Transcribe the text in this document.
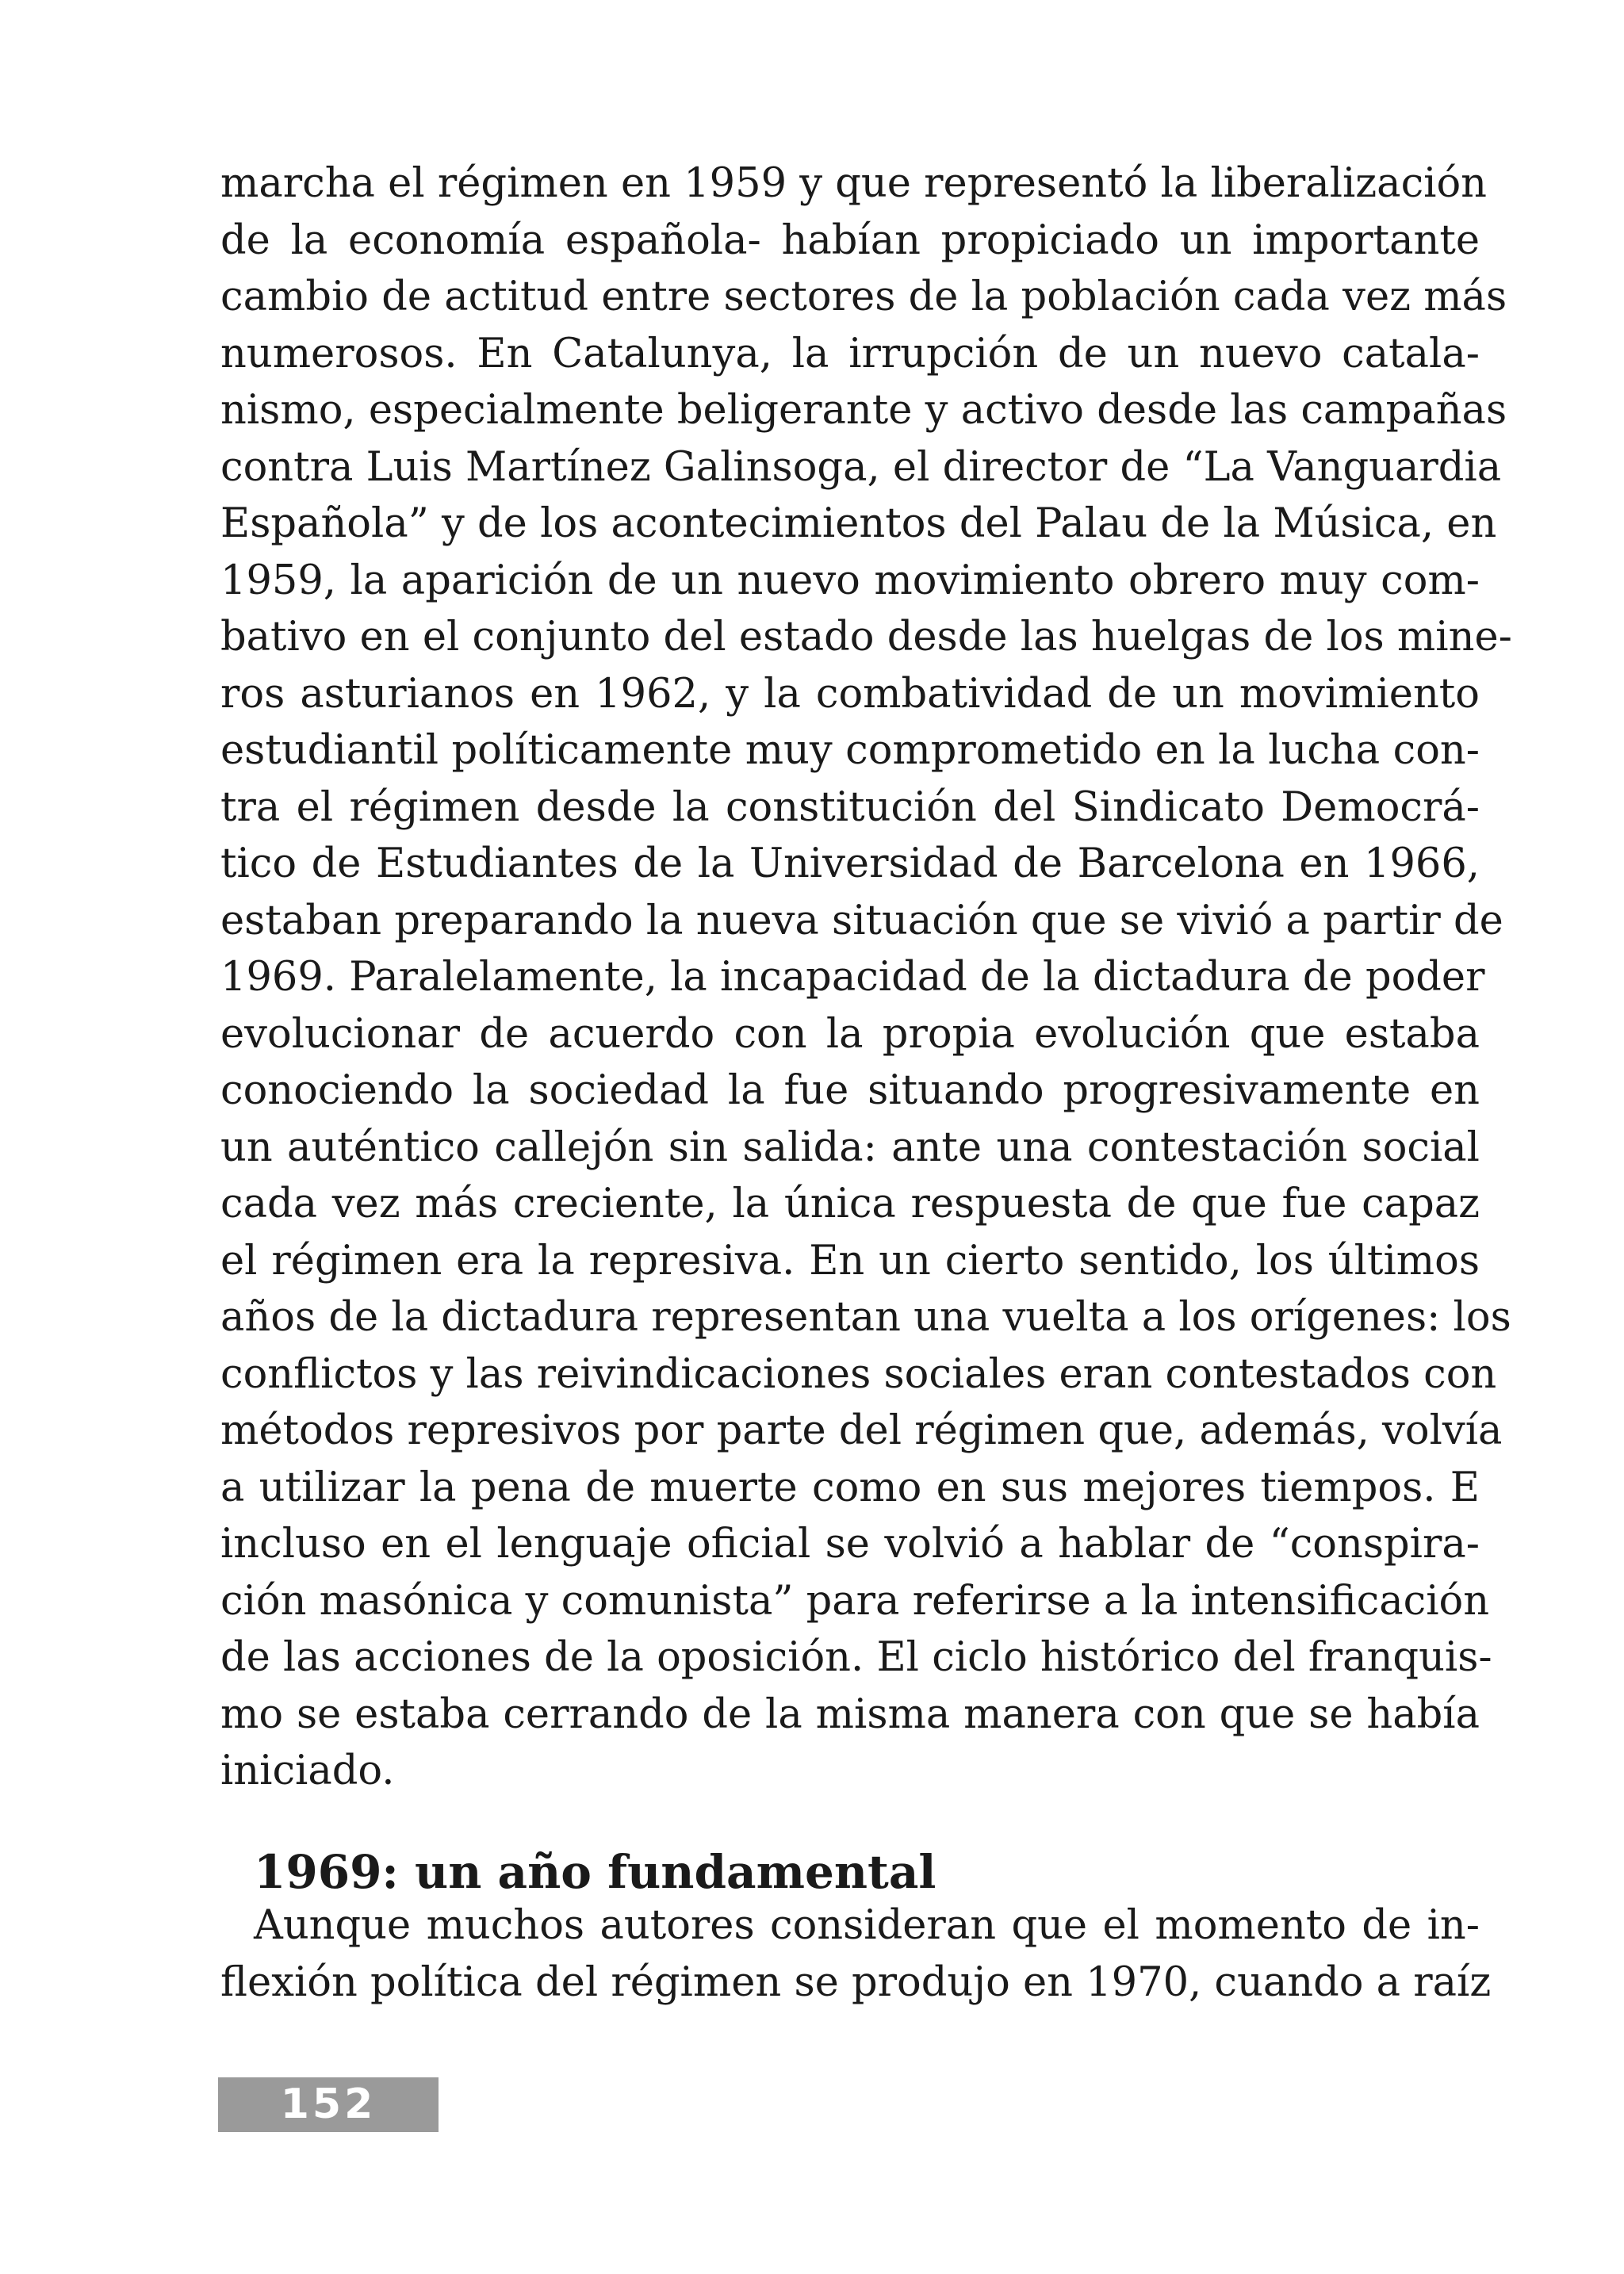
marcha el régimen en 1959 y que representó la liberalización
de la economía española- habían propiciado un importante
cambio de actitud entre sectores de la población cada vez más
numerosos. En Catalunya, la irrupción de un nuevo catala-
nismo, especialmente beligerante y activo desde las campañas
contra Luis Martínez Galinsoga, el director de “La Vanguardia
Española” y de los acontecimientos del Palau de la Música, en
1959, la aparición de un nuevo movimiento obrero muy com-
bativo en el conjunto del estado desde las huelgas de los mine-
ros asturianos en 1962, y la combatividad de un movimiento
estudiantil políticamente muy comprometido en la lucha con-
tra el régimen desde la constitución del Sindicato Democrá-
tico de Estudiantes de la Universidad de Barcelona en 1966,
estaban preparando la nueva situación que se vivió a partir de
1969. Paralelamente, la incapacidad de la dictadura de poder
evolucionar de acuerdo con la propia evolución que estaba
conociendo la sociedad la fue situando progresivamente en
un auténtico callejón sin salida: ante una contestación social
cada vez más creciente, la única respuesta de que fue capaz
el régimen era la represiva. En un cierto sentido, los últimos
años de la dictadura representan una vuelta a los orígenes: los
conflictos y las reivindicaciones sociales eran contestados con
métodos represivos por parte del régimen que, además, volvía
a utilizar la pena de muerte como en sus mejores tiempos. E
incluso en el lenguaje oficial se volvió a hablar de “conspira-
ción masónica y comunista” para referirse a la intensificación
de las acciones de la oposición. El ciclo histórico del franquis-
mo se estaba cerrando de la misma manera con que se había
iniciado.

1969: un año fundamental

Aunque muchos autores consideran que el momento de in-
flexión política del régimen se produjo en 1970, cuando a raíz

152
